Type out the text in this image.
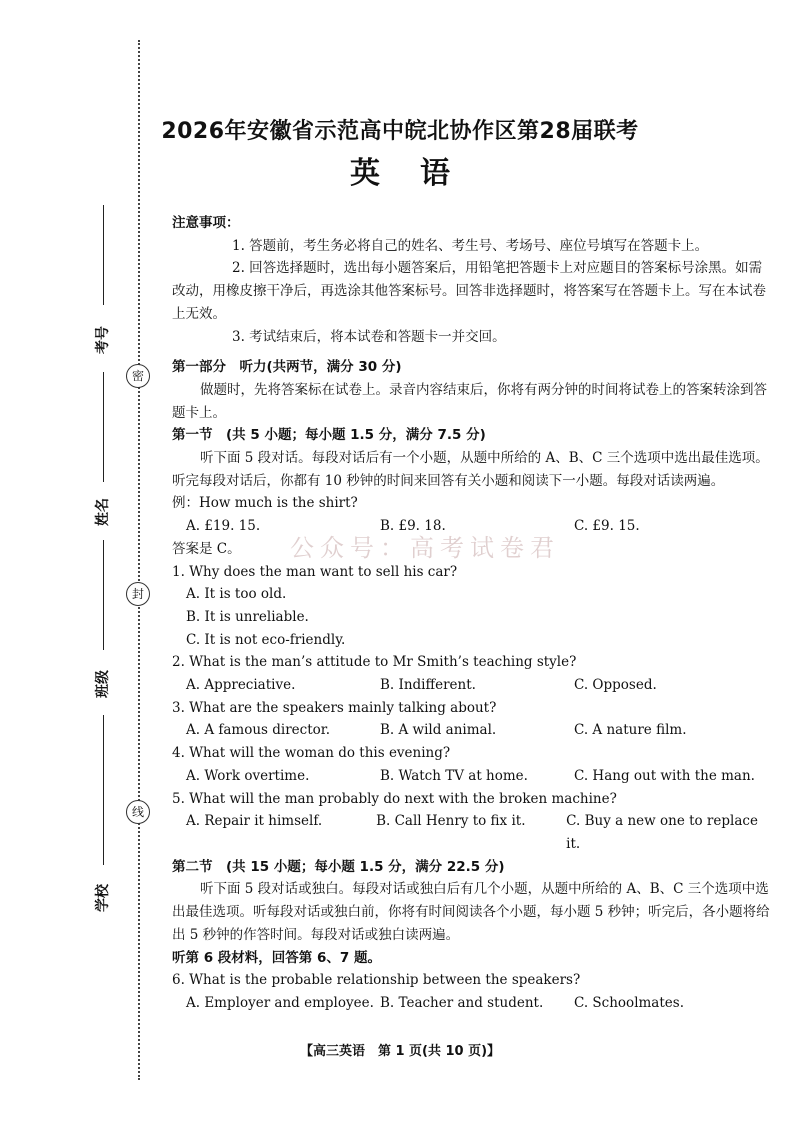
密
封
线
考号
姓名
班级
学校
2026年安徽省示范高中皖北协作区第28届联考
英语

注意事项：

1. 答题前，考生务必将自己的姓名、考生号、考场号、座位号填写在答题卡上。

2. 回答选择题时，选出每小题答案后，用铅笔把答题卡上对应题目的答案标号涂黑。如需改动，用橡皮擦干净后，再选涂其他答案标号。回答非选择题时，将答案写在答题卡上。写在本试卷上无效。

3. 考试结束后，将本试卷和答题卡一并交回。

第一部分　听力(共两节，满分 30 分)

做题时，先将答案标在试卷上。录音内容结束后，你将有两分钟的时间将试卷上的答案转涂到答题卡上。

第一节　(共 5 小题；每小题 1.5 分，满分 7.5 分)

听下面 5 段对话。每段对话后有一个小题，从题中所给的 A、B、C 三个选项中选出最佳选项。听完每段对话后，你都有 10 秒钟的时间来回答有关小题和阅读下一小题。每段对话读两遍。

例：How much is the shirt?

A. £19. 15.	B. £9. 18.	C. £9. 15.

答案是 C。

1. Why does the man want to sell his car?

A. It is too old.

B. It is unreliable.

C. It is not eco-friendly.

2. What is the man’s attitude to Mr Smith’s teaching style?

A. Appreciative.	B. Indifferent.	C. Opposed.

3. What are the speakers mainly talking about?

A. A famous director.	B. A wild animal.	C. A nature film.

4. What will the woman do this evening?

A. Work overtime.	B. Watch TV at home.	C. Hang out with the man.

5. What will the man probably do next with the broken machine?

A. Repair it himself.	B. Call Henry to fix it.	C. Buy a new one to replace it.

第二节　(共 15 小题；每小题 1.5 分，满分 22.5 分)

听下面 5 段对话或独白。每段对话或独白后有几个小题，从题中所给的 A、B、C 三个选项中选出最佳选项。听每段对话或独白前，你将有时间阅读各个小题，每小题 5 秒钟；听完后，各小题将给出 5 秒钟的作答时间。每段对话或独白读两遍。

听第 6 段材料，回答第 6、7 题。

6. What is the probable relationship between the speakers?

A. Employer and employee. B. Teacher and student.	C. Schoolmates.
公众号：高考试卷君
【高三英语　第 1 页(共 10 页)】
